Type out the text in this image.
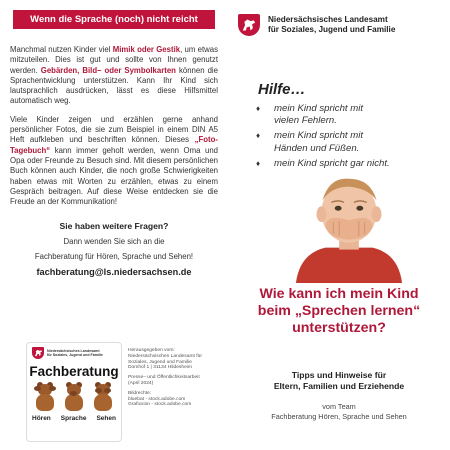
Wenn die Sprache (noch) nicht reicht

Manchmal nutzen Kinder viel Mimik oder Gestik, um etwas mitzuteilen. Dies ist gut und sollte von Ihnen genutzt werden. Gebärden, Bild– oder Symbolkarten können die Sprachentwicklung unterstützen. Kann Ihr Kind sich lautsprachlich ausdrücken, lässt es diese Hilfsmittel automatisch weg.

Viele Kinder zeigen und erzählen gerne anhand persönlicher Fotos, die sie zum Beispiel in einem DIN A5 Heft aufkleben und beschriften können. Dieses „Foto-Tagebuch“ kann immer geholt werden, wenn Oma und Opa oder Freunde zu Besuch sind. Mit diesem persönlichen Buch können auch Kinder, die noch große Schwierigkeiten haben etwas mit Worten zu erzählen, etwas zu einem Gespräch beitragen. Auf diese Weise entdecken sie die Freude an der Kommunikation!

Sie haben weitere Fragen?
Dann wenden Sie sich an die
Fachberatung für Hören, Sprache und Sehen!
fachberatung@ls.niedersachsen.de
Niedersächsisches Landesamt
für Soziales, Jugend und Familie
Fachberatung
Hören Sprache Sehen
Herausgegeben vom:
Niedersächsischen Landesamt für
Soziales, Jugend und Familie
Domhof 1 | 31134 Hildesheim
Presse– und Öffentlichkeitsarbeit
(April 2024)
Bildrechte:
bluebat - stock.adobe.com
Grafixxion - stock.adobe.com
Niedersächsisches Landesamt
für Soziales, Jugend und Familie
Hilfe…
♦ mein Kind spricht mit
vielen Fehlern.
♦ mein Kind spricht mit
Händen und Füßen.
♦ mein Kind spricht gar nicht.
Wie kann ich mein Kind
beim „Sprechen lernen“
unterstützen?
Tipps und Hinweise für
Eltern, Familien und Erziehende
vom Team
Fachberatung Hören, Sprache und Sehen
